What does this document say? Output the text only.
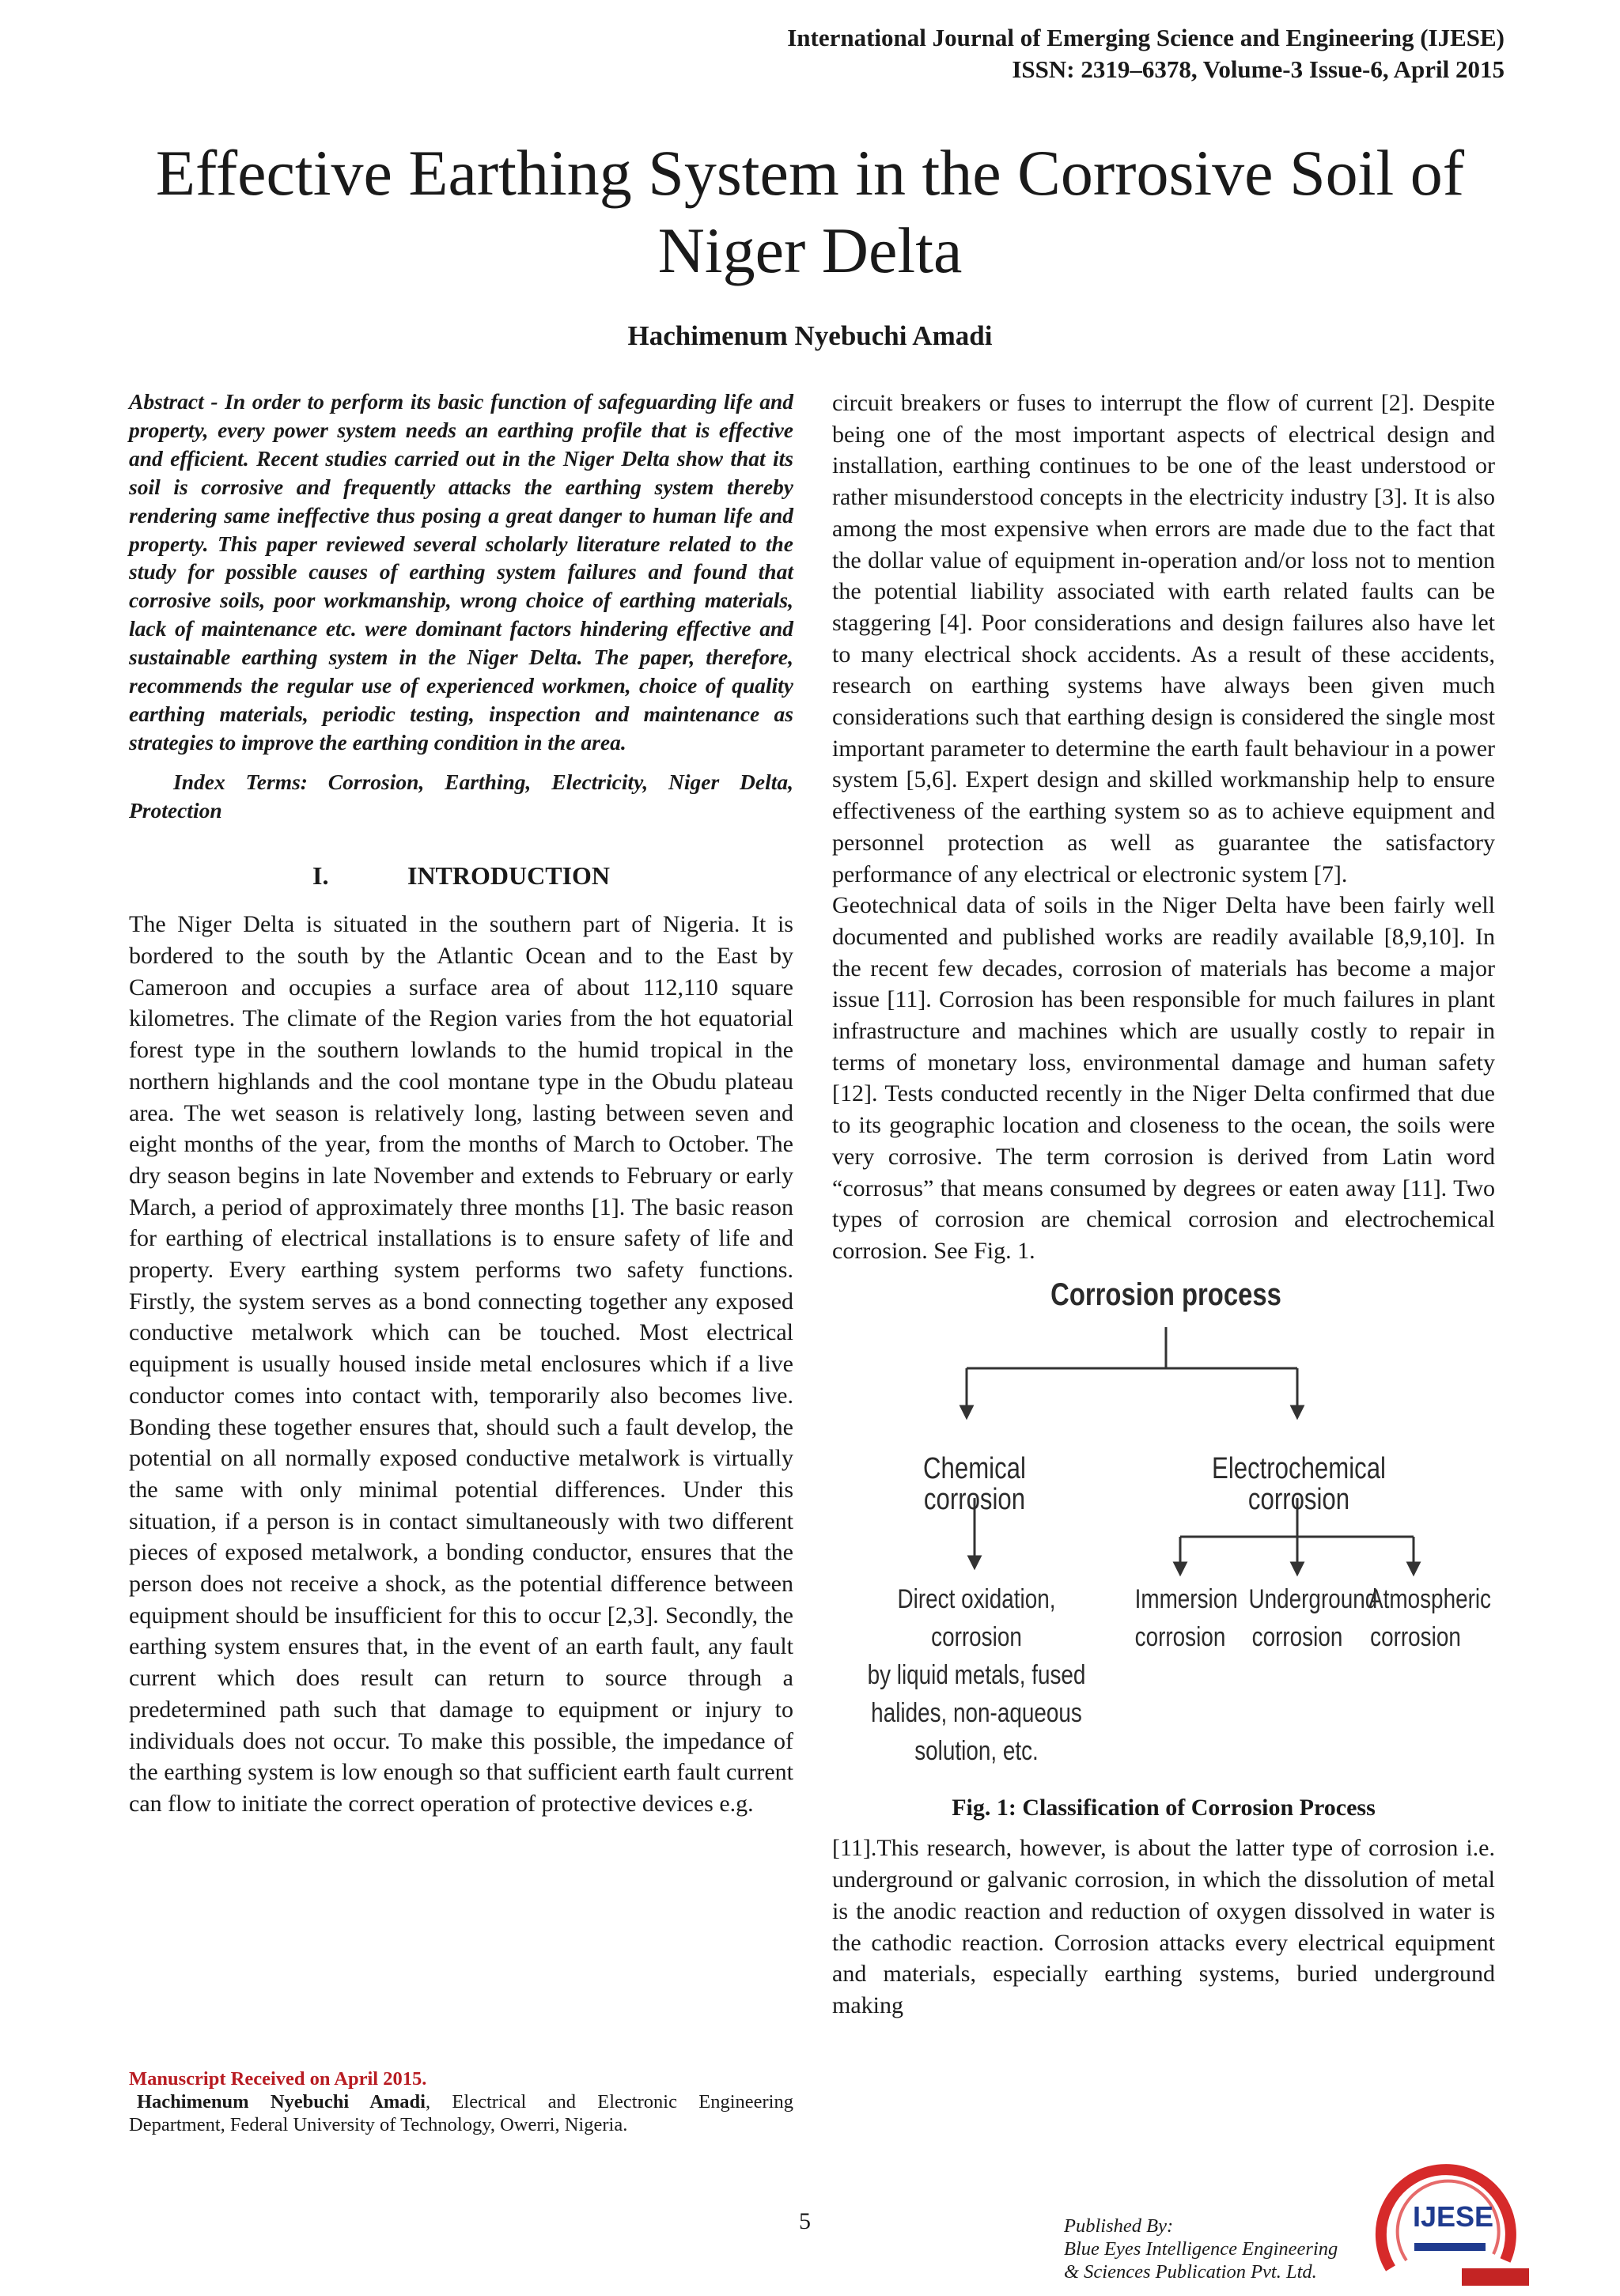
International Journal of Emerging Science and Engineering (IJESE)
ISSN: 2319–6378, Volume-3 Issue-6, April 2015
Effective Earthing System in the Corrosive Soil of
Niger Delta
Hachimenum Nyebuchi Amadi

Abstract - In order to perform its basic function of safeguarding life and property, every power system needs an earthing profile that is effective and efficient. Recent studies carried out in the Niger Delta show that its soil is corrosive and frequently attacks the earthing system thereby rendering same ineffective thus posing a great danger to human life and property. This paper reviewed several scholarly literature related to the study for possible causes of earthing system failures and found that corrosive soils, poor workmanship, wrong choice of earthing materials, lack of maintenance etc. were dominant factors hindering effective and sustainable earthing system in the Niger Delta. The paper, therefore, recommends the regular use of experienced workmen, choice of quality earthing materials, periodic testing, inspection and maintenance as strategies to improve the earthing condition in the area.

Index Terms: Corrosion, Earthing, Electricity, Niger Delta, Protection

I.	INTRODUCTION

The Niger Delta is situated in the southern part of Nigeria. It is bordered to the south by the Atlantic Ocean and to the East by Cameroon and occupies a surface area of about 112,110 square kilometres. The climate of the Region varies from the hot equatorial forest type in the southern lowlands to the humid tropical in the northern highlands and the cool montane type in the Obudu plateau area. The wet season is relatively long, lasting between seven and eight months of the year, from the months of March to October. The dry season begins in late November and extends to February or early March, a period of approximately three months [1]. The basic reason for earthing of electrical installations is to ensure safety of life and property. Every earthing system performs two safety functions. Firstly, the system serves as a bond connecting together any exposed conductive metalwork which can be touched. Most electrical equipment is usually housed inside metal enclosures which if a live conductor comes into contact with, temporarily also becomes live. Bonding these together ensures that, should such a fault develop, the potential on all normally exposed conductive metalwork is virtually the same with only minimal potential differences. Under this situation, if a person is in contact simultaneously with two different pieces of exposed metalwork, a bonding conductor, ensures that the person does not receive a shock, as the potential difference between equipment should be insufficient for this to occur [2,3]. Secondly, the earthing system ensures that, in the event of an earth fault, any fault current which does result can return to source through a predetermined path such that damage to equipment or injury to individuals does not occur. To make this possible, the impedance of the earthing system is low enough so that sufficient earth fault current can flow to initiate the correct operation of protective devices e.g.

circuit breakers or fuses to interrupt the flow of current [2]. Despite being one of the most important aspects of electrical design and installation, earthing continues to be one of the least understood or rather misunderstood concepts in the electricity industry [3]. It is also among the most expensive when errors are made due to the fact that the dollar value of equipment in-operation and/or loss not to mention the potential liability associated with earth related faults can be staggering [4]. Poor considerations and design failures also have let to many electrical shock accidents. As a result of these accidents, research on earthing systems have always been given much considerations such that earthing design is considered the single most important parameter to determine the earth fault behaviour in a power system [5,6]. Expert design and skilled workmanship help to ensure effectiveness of the earthing system so as to achieve equipment and personnel protection as well as guarantee the satisfactory performance of any electrical or electronic system [7].

Geotechnical data of soils in the Niger Delta have been fairly well documented and published works are readily available [8,9,10]. In the recent few decades, corrosion of materials has become a major issue [11]. Corrosion has been responsible for much failures in plant infrastructure and machines which are usually costly to repair in terms of monetary loss, environmental damage and human safety [12]. Tests conducted recently in the Niger Delta confirmed that due to its geographic location and closeness to the ocean, the soils were very corrosive. The term corrosion is derived from Latin word “corrosus” that means consumed by degrees or eaten away [11]. Two types of corrosion are chemical corrosion and electrochemical corrosion. See Fig. 1.

Corrosion process
Chemical corrosion
Electrochemical corrosion
Direct oxidation, corrosion
by liquid metals, fused
halides, non-aqueous
solution, etc.
Immersion
corrosion
Underground
corrosion
Atmospheric
corrosion
Fig. 1: Classification of Corrosion Process

[11].This research, however, is about the latter type of corrosion i.e. underground or galvanic corrosion, in which the dissolution of metal is the anodic reaction and reduction of oxygen dissolved in water is the cathodic reaction. Corrosion attacks every electrical equipment and materials, especially earthing systems, buried underground making

Manuscript Received on April 2015.

Hachimenum Nyebuchi Amadi, Electrical and Electronic Engineering Department, Federal University of Technology, Owerri, Nigeria.

5	Published By:
Blue Eyes Intelligence Engineering
& Sciences Publication Pvt. Ltd.
IJESE
